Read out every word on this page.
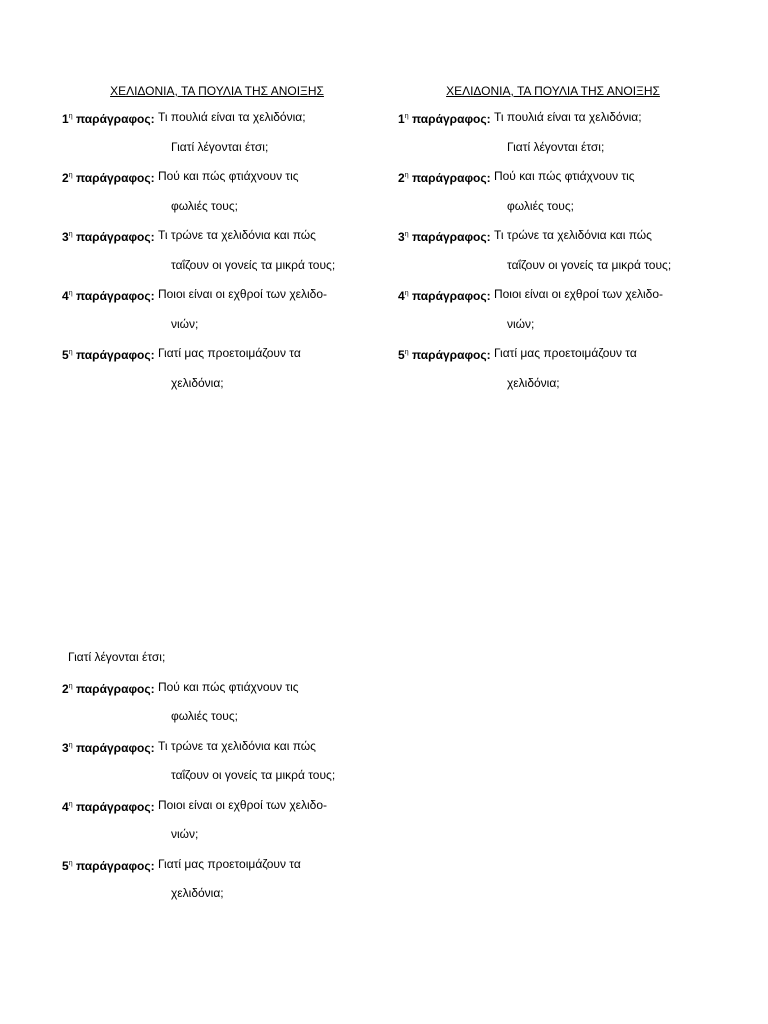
ΧΕΛΙΔΟΝΙΑ, ΤΑ ΠΟΥΛΙΑ ΤΗΣ ΑΝΟΙΞΗΣ
$1^\eta$ παράγραφος:
Τι πουλιά είναι τα χελιδόνια;
Γιατί λέγονται έτσι;
$2^\eta$ παράγραφος:
Πού και πώς φτιάχνουν τις
φωλιές τους;
$3^\eta$ παράγραφος:
Τι τρώνε τα χελιδόνια και πώς
ταΐζουν οι γονείς τα μικρά τους;
$4^\eta$ παράγραφος:
Ποιοι είναι οι εχθροί των χελιδο-
νιών;
$5^\eta$ παράγραφος:
Γιατί μας προετοιμάζουν τα
χελιδόνια;
ΧΕΛΙΔΟΝΙΑ, ΤΑ ΠΟΥΛΙΑ ΤΗΣ ΑΝΟΙΞΗΣ
$1^\eta$ παράγραφος:
Τι πουλιά είναι τα χελιδόνια;
Γιατί λέγονται έτσι;
$2^\eta$ παράγραφος:
Πού και πώς φτιάχνουν τις
φωλιές τους;
$3^\eta$ παράγραφος:
Τι τρώνε τα χελιδόνια και πώς
ταΐζουν οι γονείς τα μικρά τους;
$4^\eta$ παράγραφος:
Ποιοι είναι οι εχθροί των χελιδο-
νιών;
$5^\eta$ παράγραφος:
Γιατί μας προετοιμάζουν τα
χελιδόνια;
Γιατί λέγονται έτσι;
$2^\eta$ παράγραφος:
Πού και πώς φτιάχνουν τις
φωλιές τους;
$3^\eta$ παράγραφος:
Τι τρώνε τα χελιδόνια και πώς
ταΐζουν οι γονείς τα μικρά τους;
$4^\eta$ παράγραφος:
Ποιοι είναι οι εχθροί των χελιδο-
νιών;
$5^\eta$ παράγραφος:
Γιατί μας προετοιμάζουν τα
χελιδόνια;
